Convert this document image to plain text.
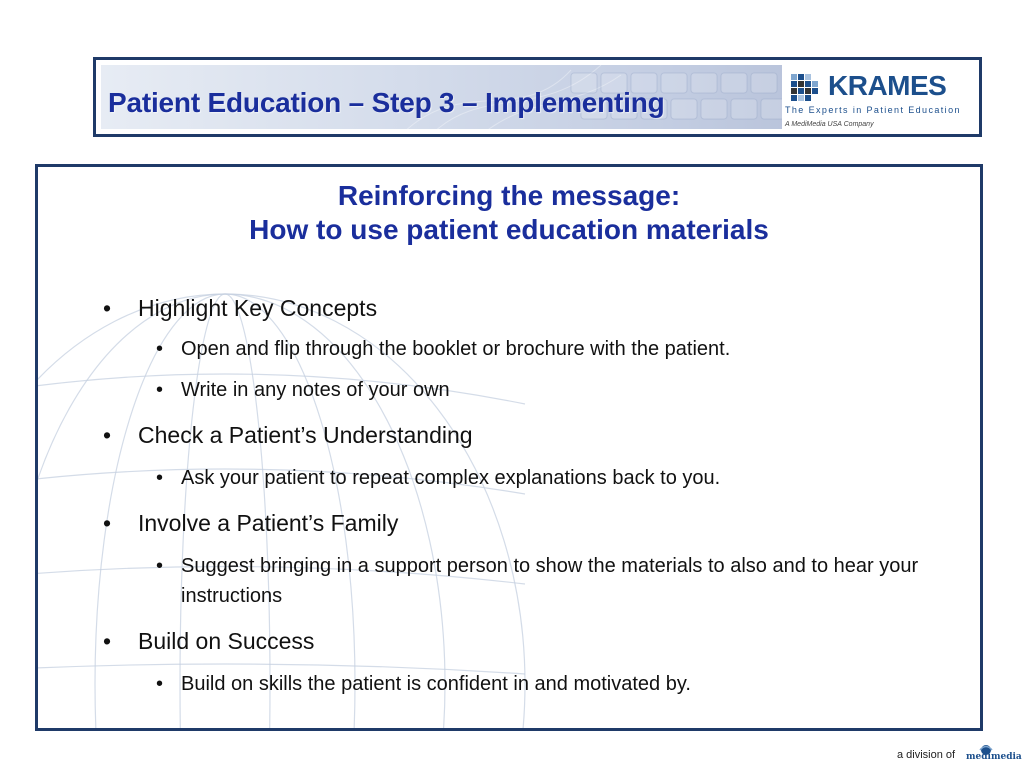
Patient Education – Step 3 – Implementing
KRAMES
The Experts in Patient Education
A MediMedia USA Company
Reinforcing the message:
How to use patient education materials
•	Highlight Key Concepts
• Open and flip through the booklet or brochure with the patient.
• Write in any notes of your own
•	Check a Patient’s Understanding
• Ask your patient to repeat complex explanations back to you.
•	Involve a Patient’s Family
• Suggest bringing in a support person to show the materials to also and to hear your instructions
•	Build on Success
• Build on skills the patient is confident in and motivated by.
a division of medimedia
